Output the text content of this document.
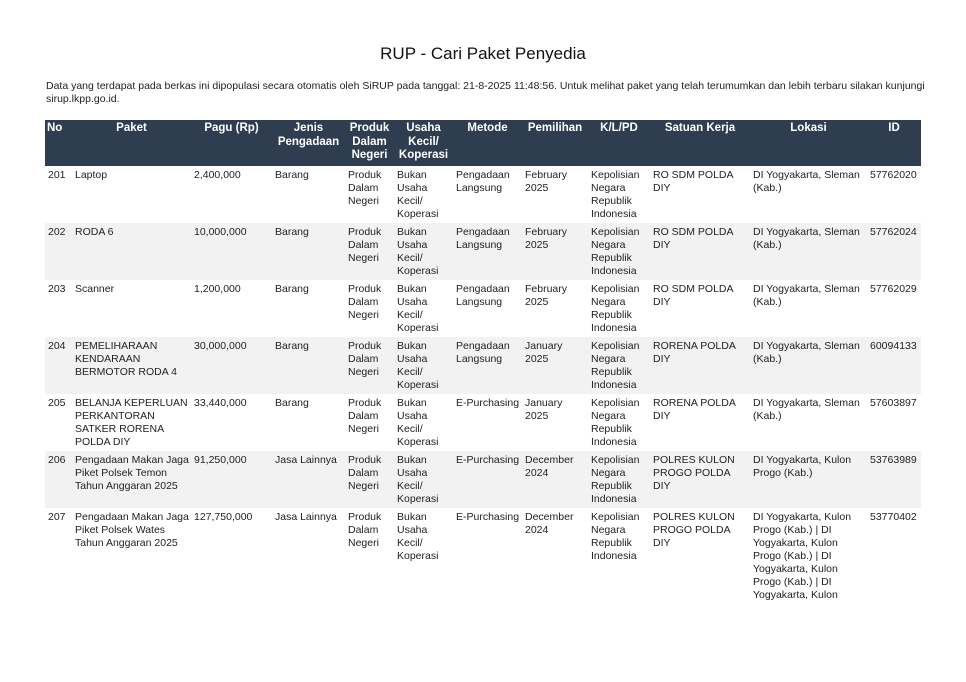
RUP - Cari Paket Penyedia
Data yang terdapat pada berkas ini dipopulasi secara otomatis oleh SiRUP pada tanggal: 21-8-2025 11:48:56. Untuk melihat paket yang telah terumumkan dan lebih terbaru silakan kunjungi sirup.lkpp.go.id.
No	Paket	Pagu (Rp)	Jenis Pengadaan	Produk Dalam Negeri	Usaha Kecil/ Koperasi	Metode	Pemilihan	K/L/PD	Satuan Kerja	Lokasi	ID
201	Laptop	2,400,000	Barang	Produk Dalam Negeri	Bukan Usaha Kecil/ Koperasi	Pengadaan Langsung	February 2025	Kepolisian Negara Republik Indonesia	RO SDM POLDA DIY	DI Yogyakarta, Sleman (Kab.)	57762020
202	RODA 6	10,000,000	Barang	Produk Dalam Negeri	Bukan Usaha Kecil/ Koperasi	Pengadaan Langsung	February 2025	Kepolisian Negara Republik Indonesia	RO SDM POLDA DIY	DI Yogyakarta, Sleman (Kab.)	57762024
203	Scanner	1,200,000	Barang	Produk Dalam Negeri	Bukan Usaha Kecil/ Koperasi	Pengadaan Langsung	February 2025	Kepolisian Negara Republik Indonesia	RO SDM POLDA DIY	DI Yogyakarta, Sleman (Kab.)	57762029
204	PEMELIHARAAN KENDARAAN BERMOTOR RODA 4	30,000,000	Barang	Produk Dalam Negeri	Bukan Usaha Kecil/ Koperasi	Pengadaan Langsung	January 2025	Kepolisian Negara Republik Indonesia	RORENA POLDA DIY	DI Yogyakarta, Sleman (Kab.)	60094133
205	BELANJA KEPERLUAN PERKANTORAN SATKER RORENA POLDA DIY	33,440,000	Barang	Produk Dalam Negeri	Bukan Usaha Kecil/ Koperasi	E-Purchasing	January 2025	Kepolisian Negara Republik Indonesia	RORENA POLDA DIY	DI Yogyakarta, Sleman (Kab.)	57603897
206	Pengadaan Makan Jaga Piket Polsek Temon Tahun Anggaran 2025	91,250,000	Jasa Lainnya	Produk Dalam Negeri	Bukan Usaha Kecil/ Koperasi	E-Purchasing	December 2024	Kepolisian Negara Republik Indonesia	POLRES KULON PROGO POLDA DIY	DI Yogyakarta, Kulon Progo (Kab.)	53763989
207	Pengadaan Makan Jaga Piket Polsek Wates Tahun Anggaran 2025	127,750,000	Jasa Lainnya	Produk Dalam Negeri	Bukan Usaha Kecil/ Koperasi	E-Purchasing	December 2024	Kepolisian Negara Republik Indonesia	POLRES KULON PROGO POLDA DIY	DI Yogyakarta, Kulon Progo (Kab.) | DI Yogyakarta, Kulon Progo (Kab.) | DI Yogyakarta, Kulon Progo (Kab.) | DI Yogyakarta, Kulon	53770402
